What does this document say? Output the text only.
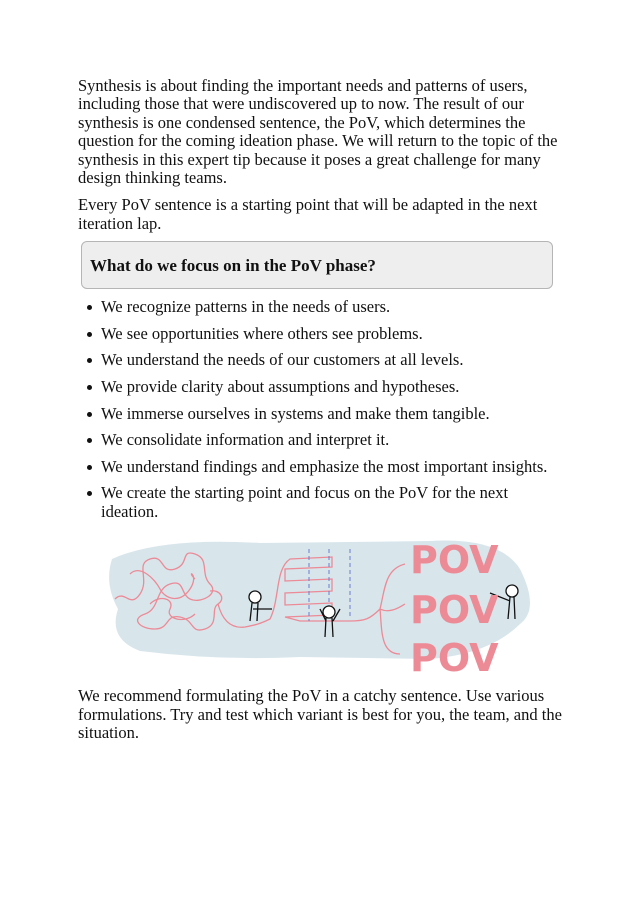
Synthesis is about finding the important needs and patterns of users, including those that were undiscovered up to now. The result of our synthesis is one condensed sentence, the PoV, which determines the question for the coming ideation phase. We will return to the topic of the synthesis in this expert tip because it poses a great challenge for many design thinking teams.

Every PoV sentence is a starting point that will be adapted in the next iteration lap.

What do we focus on in the PoV phase?
We recognize patterns in the needs of users.
We see opportunities where others see problems.
We understand the needs of our customers at all levels.
We provide clarity about assumptions and hypotheses.
We immerse ourselves in systems and make them tangible.
We consolidate information and interpret it.
We understand findings and emphasize the most important insights.
We create the starting point and focus on the PoV for the next ideation.
POV
POV
POV

We recommend formulating the PoV in a catchy sentence. Use various formulations. Try and test which variant is best for you, the team, and the situation.
